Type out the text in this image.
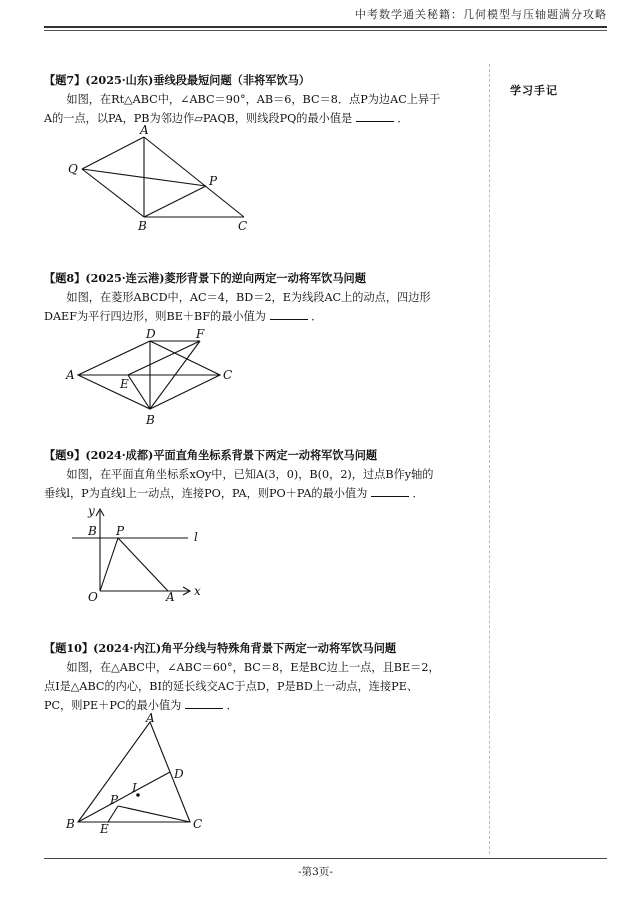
中考数学通关秘籍：几何模型与压轴题满分攻略
学习手记
【题7】(2025·山东)垂线段最短问题（非将军饮马）
如图，在Rt△ABC中，∠ABC＝90°，AB＝6，BC＝8．点P为边AC上异于
A的一点，以PA，PB为邻边作▱PAQB，则线段PQ的最小值是	．
A
B	C
P
Q
【题8】(2025·连云港)菱形背景下的逆向两定一动将军饮马问题
如图，在菱形ABCD中，AC＝4，BD＝2，E为线段AC上的动点，四边形
DAEF为平行四边形，则BE＋BF的最小值为	．
D	F
A	C
E
B
【题9】(2024·成都)平面直角坐标系背景下两定一动将军饮马问题
如图，在平面直角坐标系xOy中，已知A(3，0)，B(0，2)，过点B作y轴的
垂线l，P为直线l上一动点，连接PO，PA，则PO＋PA的最小值为	．
y
x
O	A
B P	l
【题10】(2024·内江)角平分线与特殊角背景下两定一动将军饮马问题
如图，在△ABC中，∠ABC＝60°，BC＝8，E是BC边上一点，且BE＝2，
点I是△ABC的内心，BI的延长线交AC于点D，P是BD上一动点，连接PE、
PC，则PE＋PC的最小值为	．
A
B	C
D
E
I
P
-第3页-
